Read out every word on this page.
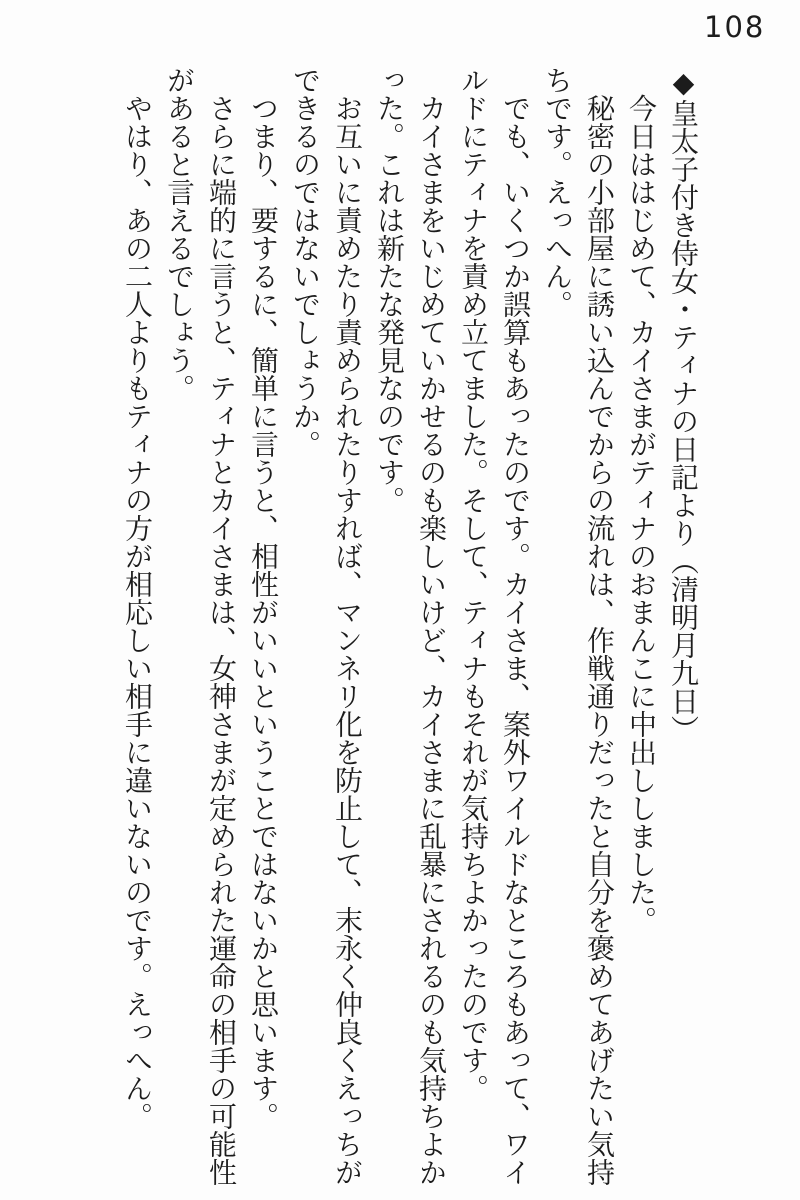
108

◆皇太子付き侍女・ティナの日記より（清明月九日）

今日ははじめて、カイさまがティナのおまんこに中出ししました。

秘密の小部屋に誘い込んでからの流れは、作戦通りだったと自分を褒めてあげたい気持ちです。えっへん。

でも、いくつか誤算もあったのです。カイさま、案外ワイルドなところもあって、ワイルドにティナを責め立てました。そして、ティナもそれが気持ちよかったのです。

カイさまをいじめていかせるのも楽しいけど、カイさまに乱暴にされるのも気持ちよかった。これは新たな発見なのです。

お互いに責めたり責められたりすれば、マンネリ化を防止して、末永く仲良くえっちができるのではないでしょうか。

つまり、要するに、簡単に言うと、相性がいいということではないかと思います。

さらに端的に言うと、ティナとカイさまは、女神さまが定められた運命の相手の可能性があると言えるでしょう。

やはり、あの二人よりもティナの方が相応しい相手に違いないのです。えっへん。
